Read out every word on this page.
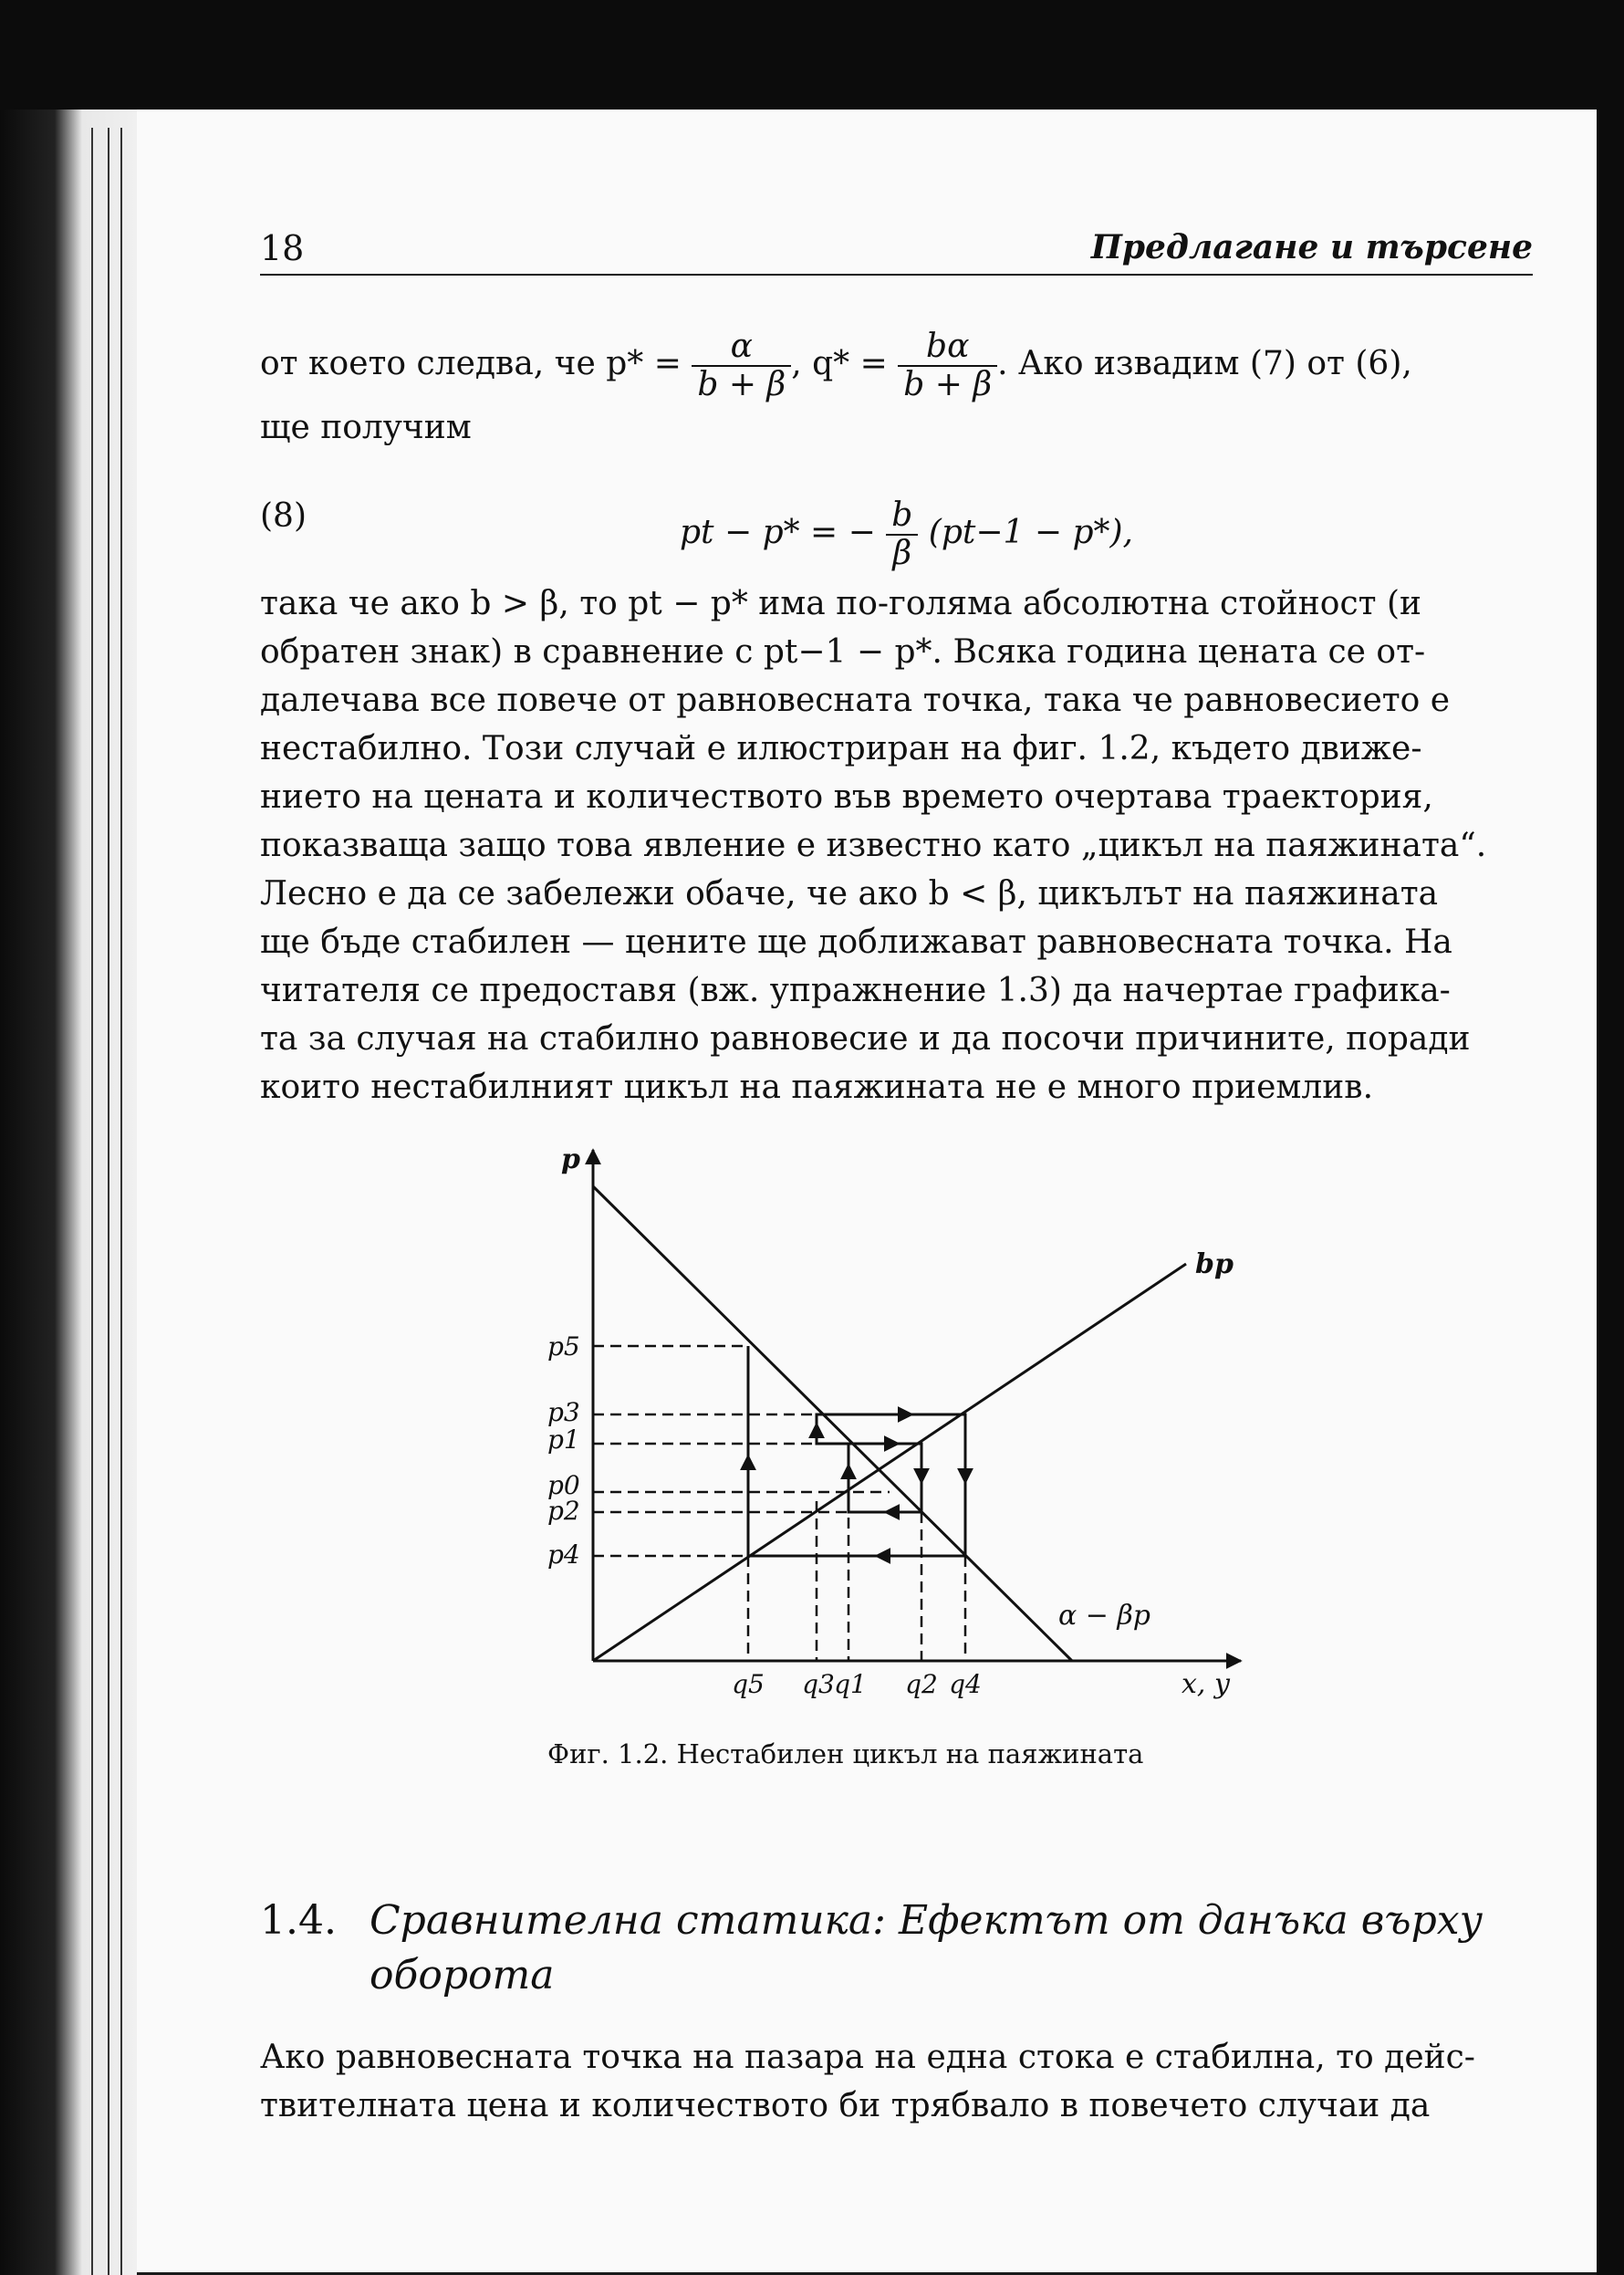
18	Предлагане и търсене
от което следва, че $p* = \frac{\alpha}{b + \beta}$ , $q* = \frac{b\alpha}{b + \beta}$ . Ако извадим (7) от (6),
ще получим
(8)	pt − p* = − $\frac{b}{\beta} (pt-1 - p*)$,
така че ако b > β, то pt − p* има по-голяма абсолютна стойност (и
обратен знак) в сравнение с pt−1 − p*. Всяка година цената се от-
далечава все повече от равновесната точка, така че равновесието е
нестабилно. Този случай е илюстриран на фиг. 1.2, където движе-
нието на цената и количеството във времето очертава траектория,
показваща защо това явление е известно като „цикъл на паяжината“.
Лесно е да се забележи обаче, че ако b < β, цикълът на паяжината
ще бъде стабилен — цените ще доближават равновесната точка. На
читателя се предоставя (вж. упражнение 1.3) да начертае графика-
та за случая на стабилно равновесие и да посочи причините, поради
които нестабилният цикъл на паяжината не е много приемлив.
p
x, y
bp
α − βp
p5
p3
p1
p0
p2
p4
q5 q3 q1 q2 q4
Фиг. 1.2. Нестабилен цикъл на паяжината
1.4. Сравнителна статика: Ефектът от данъка върху оборота
Ако равновесната точка на пазара на една стока е стабилна, то дейс-
твителната цена и количеството би трябвало в повечето случаи да
